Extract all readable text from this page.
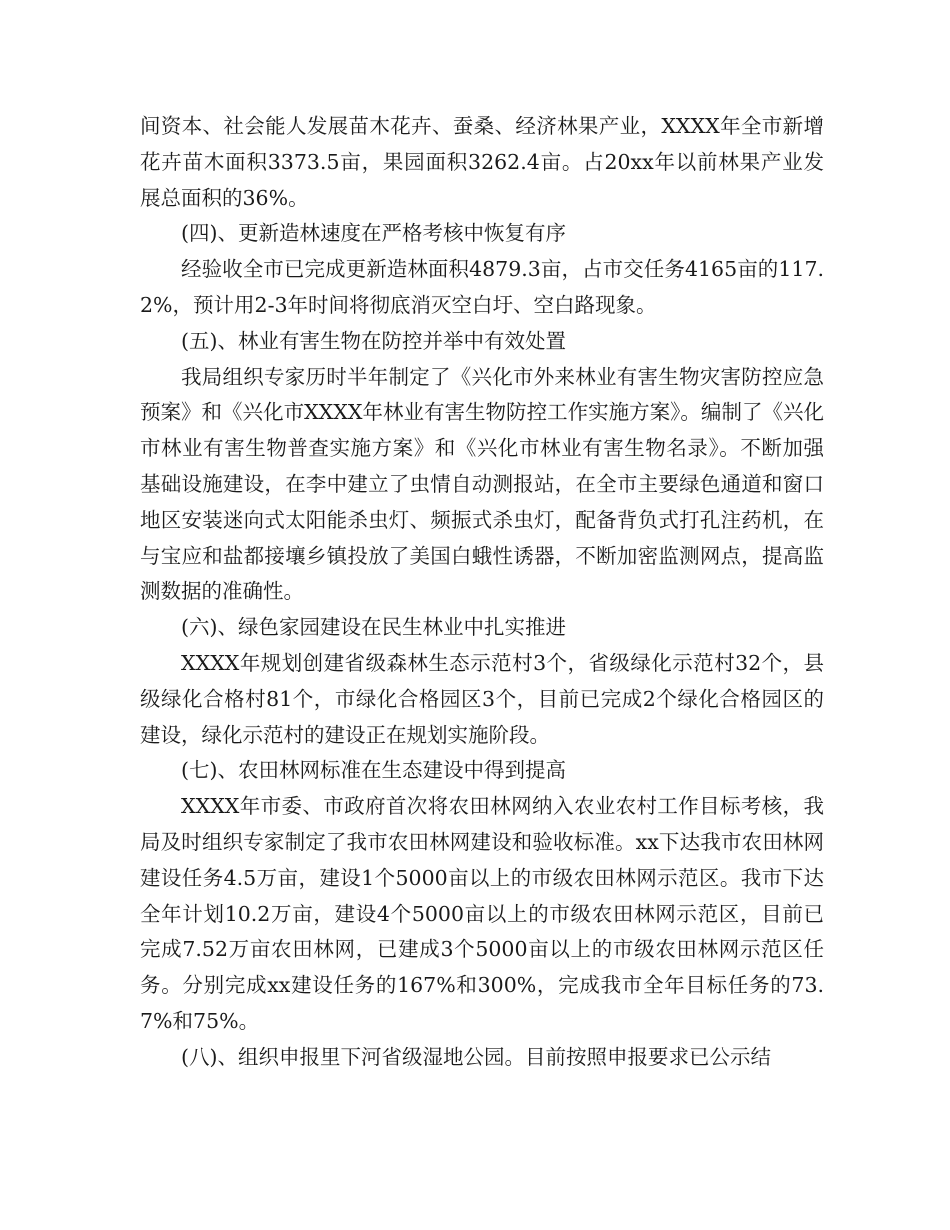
间资本、社会能人发展苗木花卉、蚕桑、经济林果产业，XXXX年全市新增花卉苗木面积3373.5亩，果园面积3262.4亩。占20xx年以前林果产业发展总面积的36%。

(四)、更新造林速度在严格考核中恢复有序

经验收全市已完成更新造林面积4879.3亩，占市交任务4165亩的117.2%，预计用2-3年时间将彻底消灭空白圩、空白路现象。

(五)、林业有害生物在防控并举中有效处置

我局组织专家历时半年制定了《兴化市外来林业有害生物灾害防控应急预案》和《兴化市XXXX年林业有害生物防控工作实施方案》。编制了《兴化市林业有害生物普查实施方案》和《兴化市林业有害生物名录》。不断加强基础设施建设，在李中建立了虫情自动测报站，在全市主要绿色通道和窗口地区安装迷向式太阳能杀虫灯、频振式杀虫灯，配备背负式打孔注药机，在与宝应和盐都接壤乡镇投放了美国白蛾性诱器，不断加密监测网点，提高监测数据的准确性。

(六)、绿色家园建设在民生林业中扎实推进

XXXX年规划创建省级森林生态示范村3个，省级绿化示范村32个，县级绿化合格村81个，市绿化合格园区3个，目前已完成2个绿化合格园区的建设，绿化示范村的建设正在规划实施阶段。

(七)、农田林网标准在生态建设中得到提高

XXXX年市委、市政府首次将农田林网纳入农业农村工作目标考核，我局及时组织专家制定了我市农田林网建设和验收标准。xx下达我市农田林网建设任务4.5万亩，建设1个5000亩以上的市级农田林网示范区。我市下达全年计划10.2万亩，建设4个5000亩以上的市级农田林网示范区，目前已完成7.52万亩农田林网，已建成3个5000亩以上的市级农田林网示范区任务。分别完成xx建设任务的167%和300%，完成我市全年目标任务的73.7%和75%。

(八)、组织申报里下河省级湿地公园。目前按照申报要求已公示结
